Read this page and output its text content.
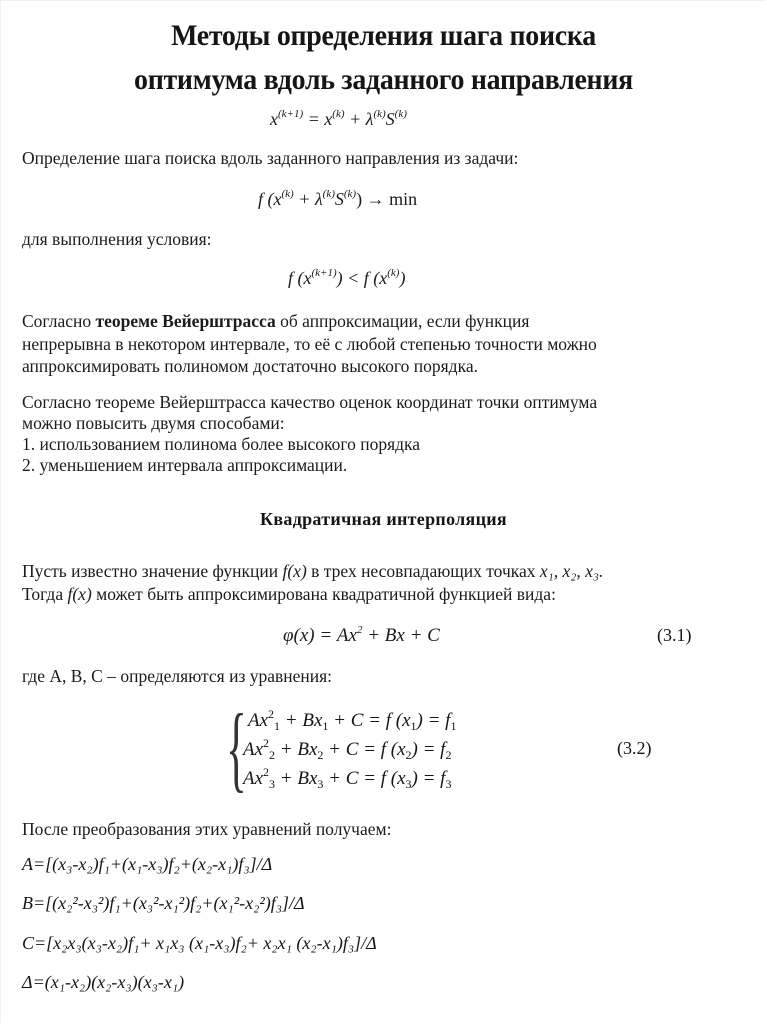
Методы определения шага поиска
оптимума вдоль заданного направления
$x^{(k+1)} = x^{(k)} + \lambda^{(k)}S^{(k)}$
Определение шага поиска вдоль заданного направления из задачи:
f $(x^{(k)} + \lambda^{(k)}S^{(k)}) \to \min$
для выполнения условия:
f $(x^{(k+1)}) < f$ $(x^{(k)})$
Согласно теореме Вейерштрасса об аппроксимации, если функция
непрерывна в некотором интервале, то её с любой степенью точности можно
аппроксимировать полиномом достаточно высокого порядка.
Согласно теореме Вейерштрасса качество оценок координат точки оптимума
можно повысить двумя способами:
1. использованием полинома более высокого порядка
2. уменьшением интервала аппроксимации.
Квадратичная интерполяция
Пусть известно значение функции f(x) в трех несовпадающих точках x₁, x₂, x₃.
Тогда f(x) может быть аппроксимирована квадратичной функцией вида:
$\varphi(x) = Ax^2 + Bx + C$	(3.1)
где A, B, C – определяются из уравнения:
{ $Ax^2_1 + Bx_1 + C = f$ $(x_1) = f_1$
$Ax^2_2 + Bx_2 + C = f$ $(x_2) = f_2$
$Ax^2_3 + Bx_3 + C = f$ $(x_3) = f_3$
(3.2)
После преобразования этих уравнений получаем:
A=[(x₃-x₂)f₁+(x₁-x₃)f₂+(x₂-x₁)f₃]/Δ
B=[(x₂²-x₃²)f₁+(x₃²-x₁²)f₂+(x₁²-x₂²)f₃]/Δ
C=[x₂x₃(x₃-x₂)f₁+ x₁x₃ (x₁-x₃)f₂+ x₂x₁ (x₂-x₁)f₃]/Δ
Δ=(x₁-x₂)(x₂-x₃)(x₃-x₁)
